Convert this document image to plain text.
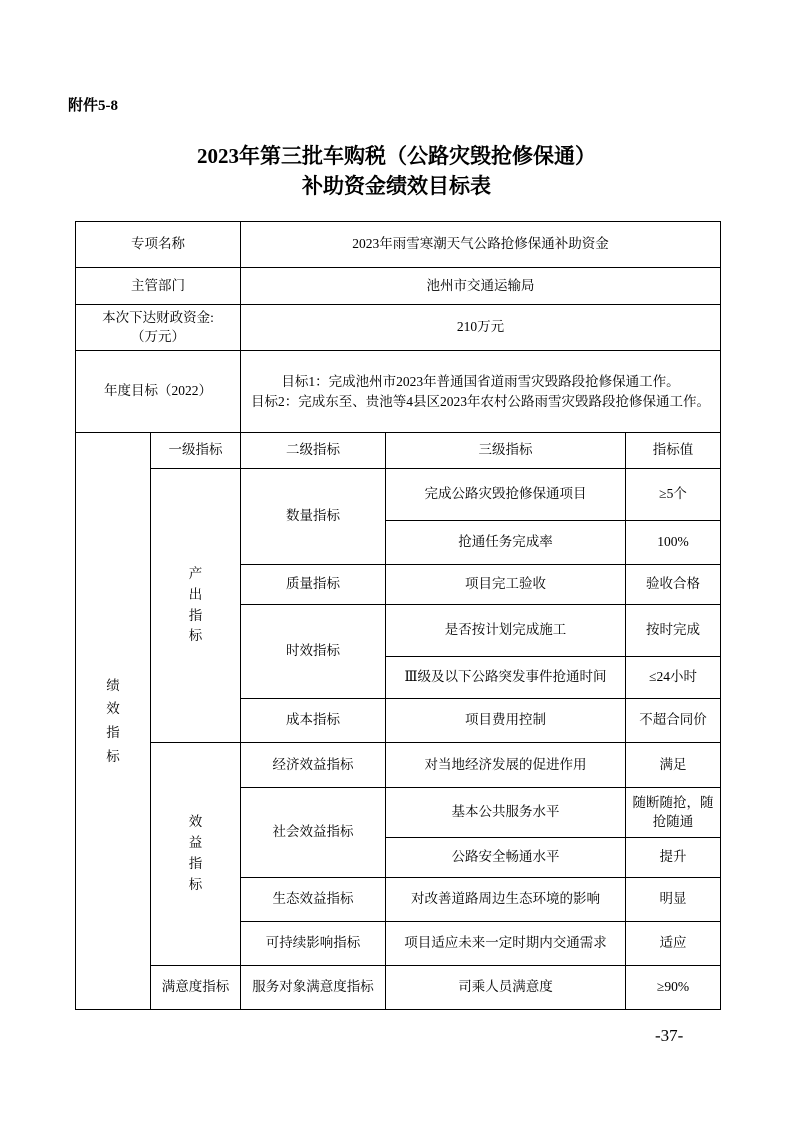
附件5-8
2023年第三批车购税（公路灾毁抢修保通）
补助资金绩效目标表
专项名称		2023年雨雪寒潮天气公路抢修保通补助资金		
主管部门		池州市交通运输局		

本次下达财政资金:
（万元）		210万元		
年度目标（2022）		目标1：完成池州市2023年普通国省道雨雪灾毁路段抢修保通工作。
目标2：完成东至、贵池等4县区2023年农村公路雨雪灾毁路段抢修保通工作。		

绩效指标	一级指标	二级指标	三级指标	指标值

	产出指标	数量指标	完成公路灾毁抢修保通项目	≥5个
			抢通任务完成率	100%
		质量指标	项目完工验收	验收合格
		时效指标	是否按计划完成施工	按时完成
			Ⅲ级及以下公路突发事件抢通时间	≤24小时
		成本指标	项目费用控制	不超合同价

	效益指标	经济效益指标	对当地经济发展的促进作用	满足
		社会效益指标	基本公共服务水平	随断随抢，随抢随通
			公路安全畅通水平	提升
		生态效益指标	对改善道路周边生态环境的影响	明显
		可持续影响指标	项目适应未来一定时期内交通需求	适应
	满意度指标	服务对象满意度指标	司乘人员满意度	≥90%
-37-
